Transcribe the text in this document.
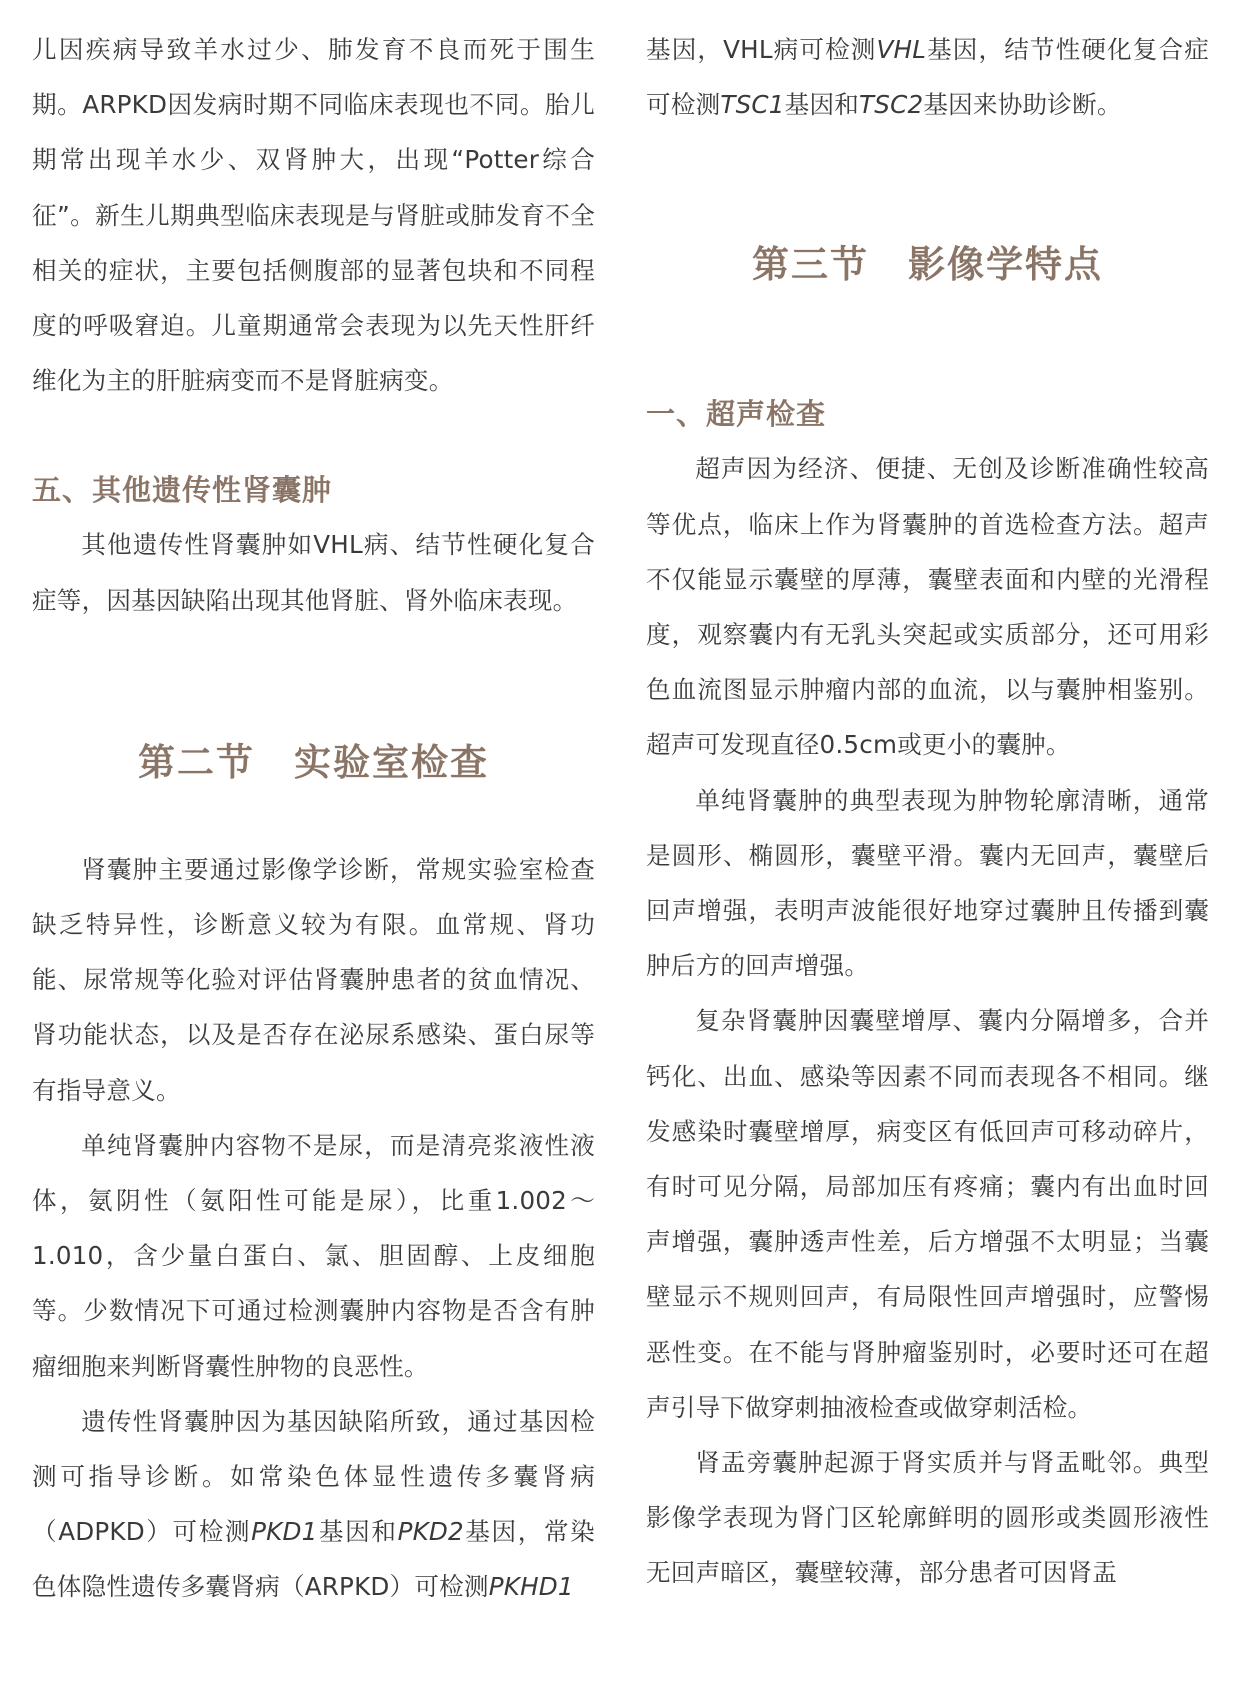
儿因疾病导致羊水过少、肺发育不良而死于围生期。ARPKD因发病时期不同临床表现也不同。胎儿期常出现羊水少、双肾肿大，出现“Potter综合征”。新生儿期典型临床表现是与肾脏或肺发育不全相关的症状，主要包括侧腹部的显著包块和不同程度的呼吸窘迫。儿童期通常会表现为以先天性肝纤维化为主的肝脏病变而不是肾脏病变。

五、其他遗传性肾囊肿

其他遗传性肾囊肿如VHL病、结节性硬化复合症等，因基因缺陷出现其他肾脏、肾外临床表现。

第二节　实验室检查

肾囊肿主要通过影像学诊断，常规实验室检查缺乏特异性，诊断意义较为有限。血常规、肾功能、尿常规等化验对评估肾囊肿患者的贫血情况、肾功能状态，以及是否存在泌尿系感染、蛋白尿等有指导意义。

单纯肾囊肿内容物不是尿，而是清亮浆液性液体，氨阴性（氨阳性可能是尿），比重1.002～1.010，含少量白蛋白、氯、胆固醇、上皮细胞等。少数情况下可通过检测囊肿内容物是否含有肿瘤细胞来判断肾囊性肿物的良恶性。

遗传性肾囊肿因为基因缺陷所致，通过基因检测可指导诊断。如常染色体显性遗传多囊肾病（ADPKD）可检测PKD1基因和PKD2基因，常染色体隐性遗传多囊肾病（ARPKD）可检测PKHD1

基因，VHL病可检测VHL基因，结节性硬化复合症可检测TSC1基因和TSC2基因来协助诊断。

第三节　影像学特点
一、超声检查

超声因为经济、便捷、无创及诊断准确性较高等优点，临床上作为肾囊肿的首选检查方法。超声不仅能显示囊壁的厚薄，囊壁表面和内壁的光滑程度，观察囊内有无乳头突起或实质部分，还可用彩色血流图显示肿瘤内部的血流，以与囊肿相鉴别。超声可发现直径0.5cm或更小的囊肿。

单纯肾囊肿的典型表现为肿物轮廓清晰，通常是圆形、椭圆形，囊壁平滑。囊内无回声，囊壁后回声增强，表明声波能很好地穿过囊肿且传播到囊肿后方的回声增强。

复杂肾囊肿因囊壁增厚、囊内分隔增多，合并钙化、出血、感染等因素不同而表现各不相同。继发感染时囊壁增厚，病变区有低回声可移动碎片，有时可见分隔，局部加压有疼痛；囊内有出血时回声增强，囊肿透声性差，后方增强不太明显；当囊壁显示不规则回声，有局限性回声增强时，应警惕恶性变。在不能与肾肿瘤鉴别时，必要时还可在超声引导下做穿刺抽液检查或做穿刺活检。

肾盂旁囊肿起源于肾实质并与肾盂毗邻。典型影像学表现为肾门区轮廓鲜明的圆形或类圆形液性无回声暗区，囊壁较薄，部分患者可因肾盂
